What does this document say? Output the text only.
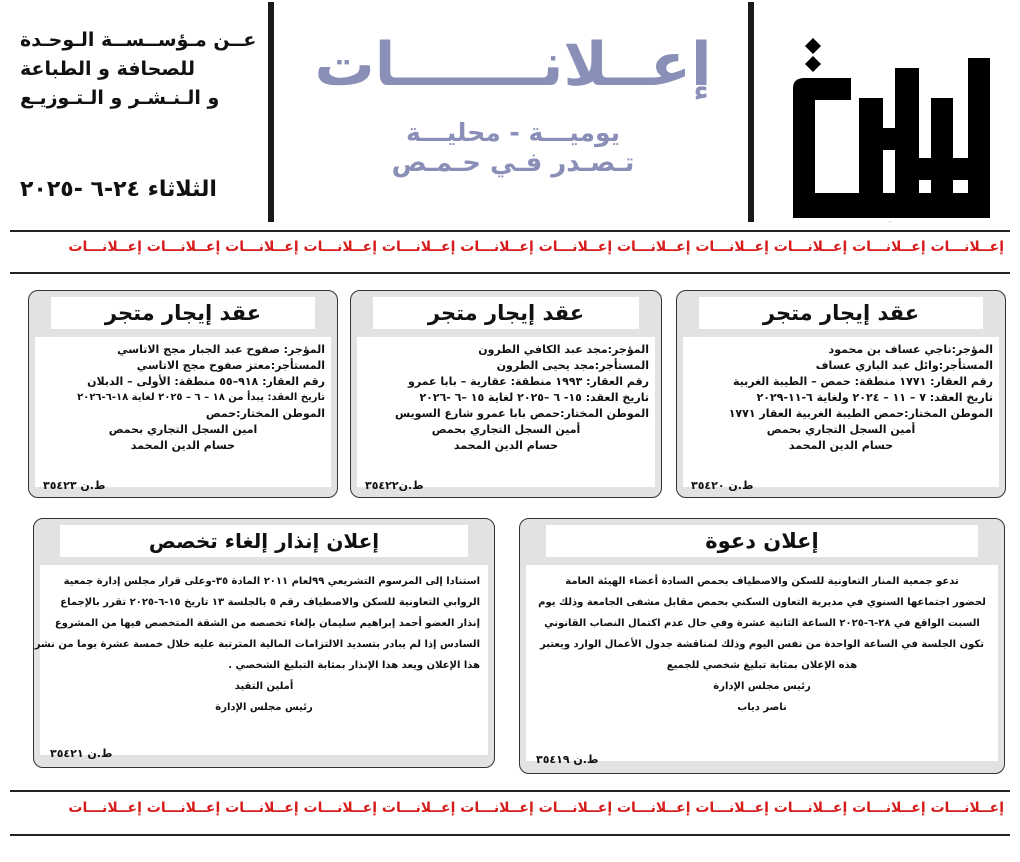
العروبة
إعــلانـــــــات
يوميـــة - محليـــة
تـصـدر فـي حـمـص
عــن مـؤســســة الـوحـدة
للصحافة و الطباعة
و الـنـشـر و الـتـوزيـع
الثلاثاء ٢٤-٦ -٢٠٢٥
إعــلانـــات إعــلانـــات إعــلانـــات إعــلانـــات إعــلانـــات إعــلانـــات إعــلانـــات إعــلانـــات إعــلانـــات إعــلانـــات إعــلانـــات إعــلانـــات
عقد إيجار متجر
المؤجر:ناجي عساف بن محمود
المستأجر:وائل عبد الباري عساف
رقم العقار: ١٧٧١ منطقة: حمص – الطيبة الغربية
تاريخ العقد: ٧ – ١١ – ٢٠٢٤ ولغاية ٦-١١-٢٠٢٩
الموطن المختار:حمص الطيبة الغربية العقار ١٧٧١
أمين السجل التجاري بحمص
حسام الدين المحمد
ط.ن ٣٥٤٢٠
عقد إيجار متجر
المؤجر:مجد عبد الكافي الطرون
المستأجر:مجد يحيى الطرون
رقم العقار: ١٩٩٣ منطقة: عقارية – بابا عمرو
تاريخ العقد: ١٥- ٦ –٢٠٢٥ لغاية ١٥ –٦ -٢٠٢٦
الموطن المختار:حمص بابا عمرو شارع السويس
أمين السجل التجاري بحمص
حسام الدين المحمد
ط.ن٣٥٤٢٢
عقد إيجار متجر
المؤجر: صفوح عبد الجبار مجج الاتاسي
المستأجر:معتز صفوح مجج الاتاسي
رقم العقار: ٩١٨–٥٥ منطقة: الأولى – الدبلان
تاريخ العقد: يبدأ من ١٨ – ٦ – ٢٠٢٥ لغاية ١٨-٦-٢٠٢٦
الموطن المختار:حمص
امين السجل التجاري بحمص
حسام الدين المحمد
ط.ن ٣٥٤٢٣
إعلان دعوة
تدعو جمعية المنار التعاونية للسكن والاصطياف بحمص السادة أعضاء الهيئة العامة
لحضور اجتماعها السنوي في مديرية التعاون السكني بحمص مقابل مشفى الجامعة وذلك يوم
السبت الواقع في ٢٨-٦-٢٠٢٥ الساعة الثانية عشرة وفي حال عدم اكتمال النصاب القانوني
تكون الجلسة في الساعة الواحدة من نفس اليوم وذلك لمناقشة جدول الأعمال الوارد ويعتبر
هذه الإعلان بمثابة تبليغ شخصي للجميع
رئيس مجلس الإدارة
ناصر دياب
ط.ن ٣٥٤١٩
إعلان إنذار إلغاء تخصص
استنادا إلى المرسوم التشريعي ٩٩لعام ٢٠١١ المادة ٣٥-وعلى قرار مجلس إدارة جمعية
الروابي التعاونية للسكن والاصطياف رقم ٥ بالجلسة ١٣ تاريخ ١٥-٦-٢٠٢٥ تقرر بالإجماع
إنذار العضو أحمد إبراهيم سليمان بإلغاء تخصصه من الشقة المتخصص فيها من المشروع
السادس إذا لم يبادر بتسديد الالتزامات المالية المترتبة عليه خلال خمسة عشرة يوما من نشر
هذا الإعلان ويعد هذا الإنذار بمثابة التبليغ الشخصي .
أملين التقيد
رئيس مجلس الإدارة
ط.ن ٣٥٤٢١
إعــلانـــات إعــلانـــات إعــلانـــات إعــلانـــات إعــلانـــات إعــلانـــات إعــلانـــات إعــلانـــات إعــلانـــات إعــلانـــات إعــلانـــات إعــلانـــات
